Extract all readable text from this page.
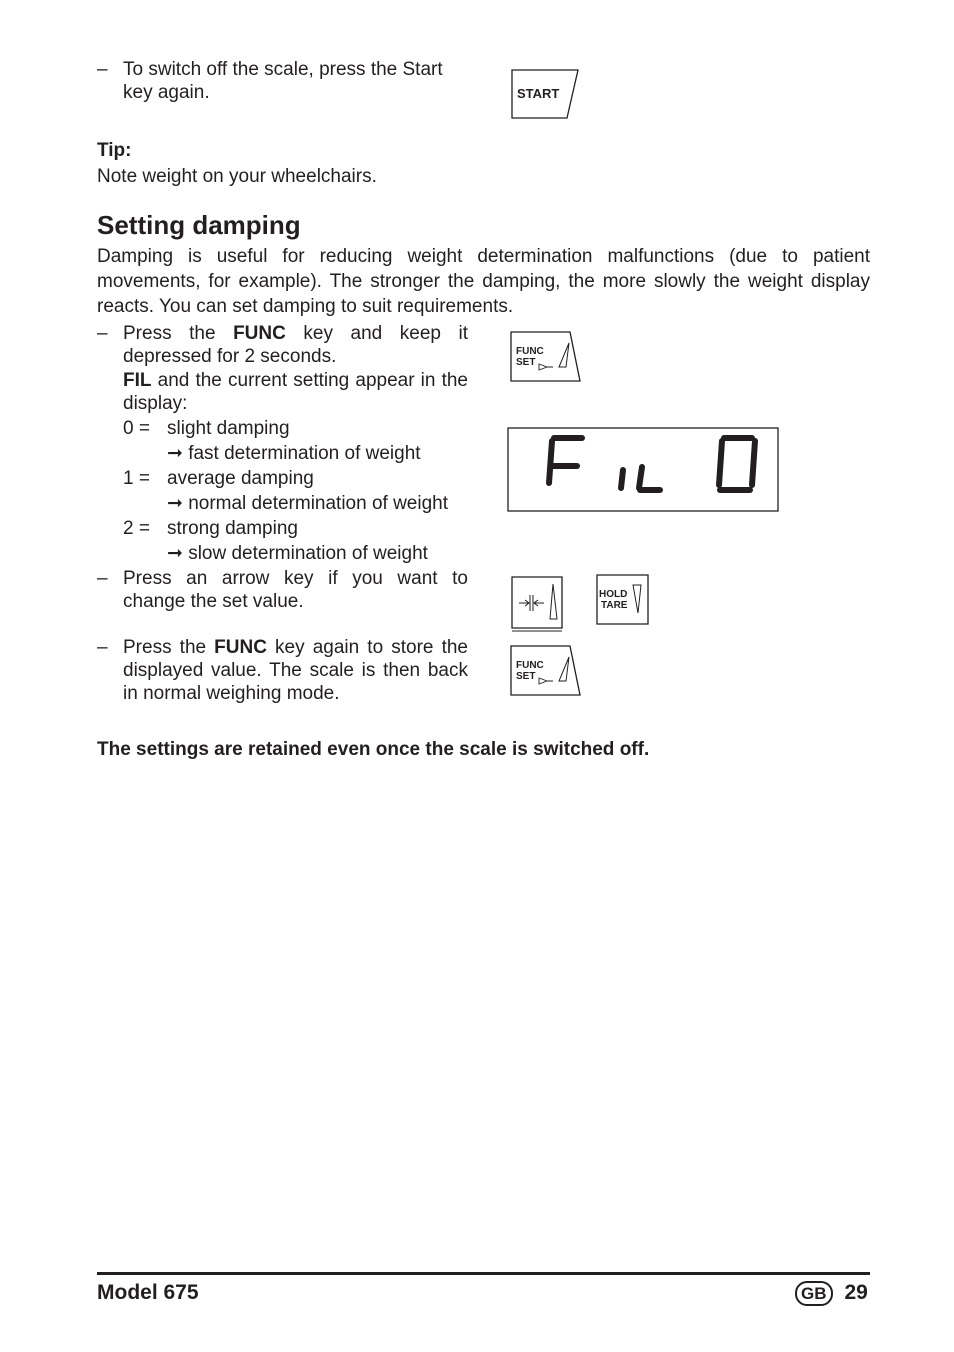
– To switch off the scale, press the Start key again.	START
Tip:
Note weight on your wheelchairs.
Setting damping
Damping is useful for reducing weight determination malfunctions (due to patient movements, for example). The stronger the damping, the more slowly the weight display reacts. You can set damping to suit requirements.
– Press the FUNC key and keep it depressed for 2 seconds.
FIL and the current setting appear in the display:
0 = slight damping
➞ fast determination of weight
1 = average damping
➞ normal determination of weight
2 = strong damping
➞ slow determination of weight
– Press an arrow key if you want to change the set value.
– Press the FUNC key again to store the displayed value. The scale is then back in normal weighing mode.
FUNC
SET
HOLD
TARE
FUNC
SET
The settings are retained even once the scale is switched off.
Model 675	GB 29
